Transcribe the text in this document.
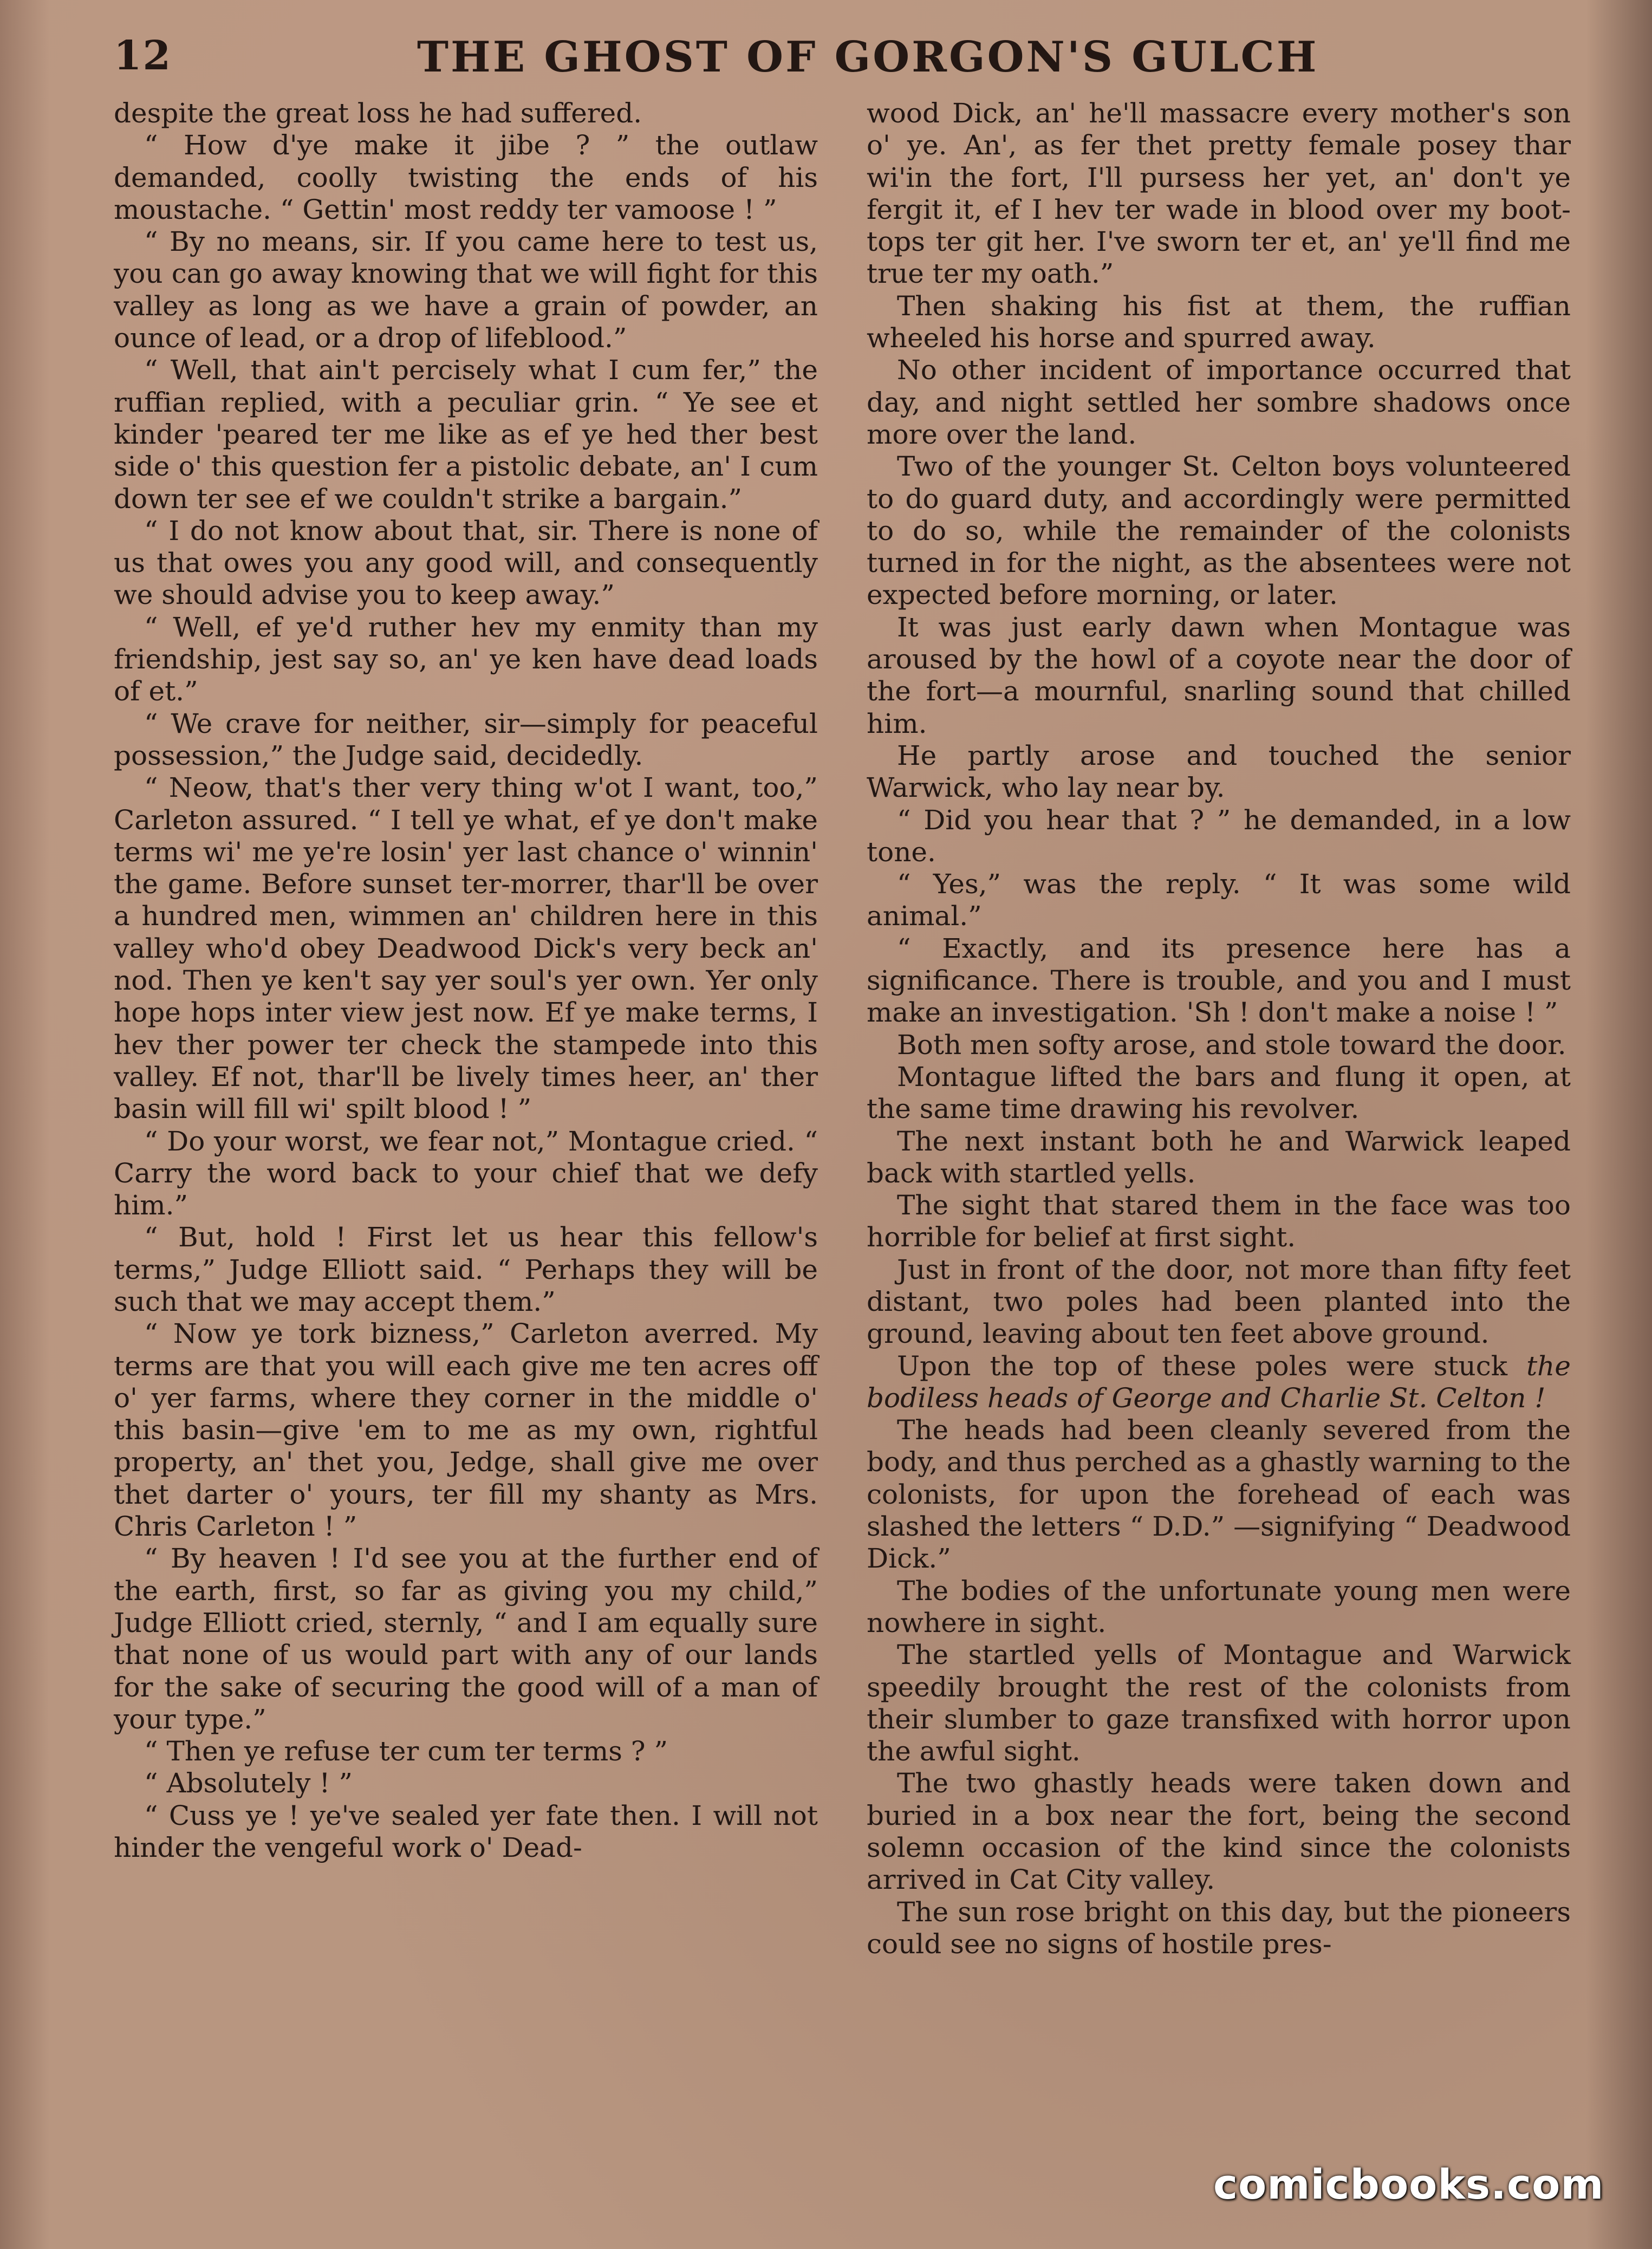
12	THE GHOST OF GORGON'S GULCH

despite the great loss he had suffered.

“ How d'ye make it jibe ? ” the outlaw demanded, coolly twisting the ends of his moustache. “ Gettin' most reddy ter vamoose ! ”

“ By no means, sir. If you came here to test us, you can go away knowing that we will fight for this valley as long as we have a grain of powder, an ounce of lead, or a drop of lifeblood.”

“ Well, that ain't percisely what I cum fer,” the ruffian replied, with a peculiar grin. “ Ye see et kinder 'peared ter me like as ef ye hed ther best side o' this question fer a pistolic debate, an' I cum down ter see ef we couldn't strike a bargain.”

“ I do not know about that, sir. There is none of us that owes you any good will, and consequently we should advise you to keep away.”

“ Well, ef ye'd ruther hev my enmity than my friendship, jest say so, an' ye ken have dead loads of et.”

“ We crave for neither, sir—simply for peaceful possession,” the Judge said, decidedly.

“ Neow, that's ther very thing w'ot I want, too,” Carleton assured. “ I tell ye what, ef ye don't make terms wi' me ye're losin' yer last chance o' winnin' the game. Before sunset ter-morrer, thar'll be over a hundred men, wimmen an' children here in this valley who'd obey Deadwood Dick's very beck an' nod. Then ye ken't say yer soul's yer own. Yer only hope hops inter view jest now. Ef ye make terms, I hev ther power ter check the stampede into this valley. Ef not, thar'll be lively times heer, an' ther basin will fill wi' spilt blood ! ”

“ Do your worst, we fear not,” Montague cried. “ Carry the word back to your chief that we defy him.”

“ But, hold ! First let us hear this fellow's terms,” Judge Elliott said. “ Perhaps they will be such that we may accept them.”

“ Now ye tork bizness,” Carleton averred. My terms are that you will each give me ten acres off o' yer farms, where they corner in the middle o' this basin—give 'em to me as my own, rightful property, an' thet you, Jedge, shall give me over thet darter o' yours, ter fill my shanty as Mrs. Chris Carleton ! ”

“ By heaven ! I'd see you at the further end of the earth, first, so far as giving you my child,” Judge Elliott cried, sternly, “ and I am equally sure that none of us would part with any of our lands for the sake of securing the good will of a man of your type.”

“ Then ye refuse ter cum ter terms ? ”

“ Absolutely ! ”

“ Cuss ye ! ye've sealed yer fate then. I will not hinder the vengeful work o' Dead-

wood Dick, an' he'll massacre every mother's son o' ye. An', as fer thet pretty female posey thar wi'in the fort, I'll pursess her yet, an' don't ye fergit it, ef I hev ter wade in blood over my boot-tops ter git her. I've sworn ter et, an' ye'll find me true ter my oath.”

Then shaking his fist at them, the ruffian wheeled his horse and spurred away.

No other incident of importance occurred that day, and night settled her sombre shadows once more over the land.

Two of the younger St. Celton boys volunteered to do guard duty, and accordingly were permitted to do so, while the remainder of the colonists turned in for the night, as the absentees were not expected before morning, or later.

It was just early dawn when Montague was aroused by the howl of a coyote near the door of the fort—a mournful, snarling sound that chilled him.

He partly arose and touched the senior Warwick, who lay near by.

“ Did you hear that ? ” he demanded, in a low tone.

“ Yes,” was the reply. “ It was some wild animal.”

“ Exactly, and its presence here has a significance. There is trouble, and you and I must make an investigation. 'Sh ! don't make a noise ! ”

Both men softy arose, and stole toward the door.

Montague lifted the bars and flung it open, at the same time drawing his revolver.

The next instant both he and Warwick leaped back with startled yells.

The sight that stared them in the face was too horrible for belief at first sight.

Just in front of the door, not more than fifty feet distant, two poles had been planted into the ground, leaving about ten feet above ground.

Upon the top of these poles were stuck the bodiless heads of George and Charlie St. Celton !

The heads had been cleanly severed from the body, and thus perched as a ghastly warning to the colonists, for upon the forehead of each was slashed the letters “ D.D.” —signifying “ Deadwood Dick.”

The bodies of the unfortunate young men were nowhere in sight.

The startled yells of Montague and Warwick speedily brought the rest of the colonists from their slumber to gaze transfixed with horror upon the awful sight.

The two ghastly heads were taken down and buried in a box near the fort, being the second solemn occasion of the kind since the colonists arrived in Cat City valley.

The sun rose bright on this day, but the pioneers could see no signs of hostile pres-

comicbooks.com
